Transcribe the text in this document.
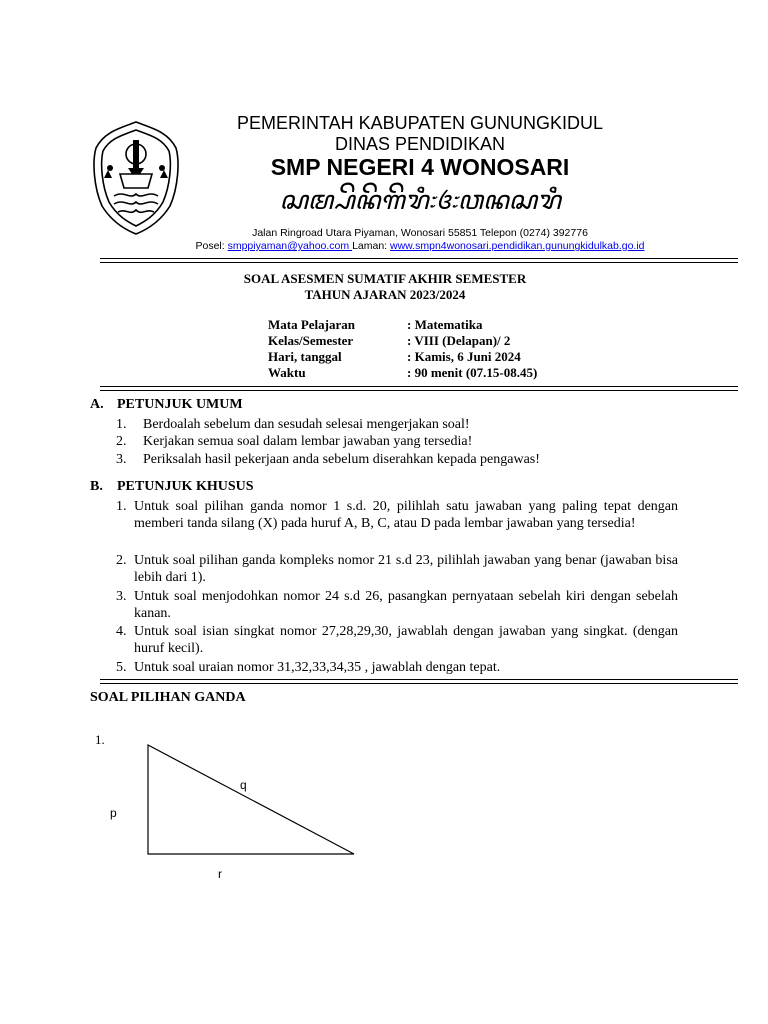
PEMERINTAH KABUPATEN GUNUNGKIDUL
DINAS PENDIDIKAN
SMP NEGERI 4 WONOSARI
ꦱꦩ꧀ꦥꦼꦤꦼꦒꦼꦫꦶ꧇꧔꧇ꦮꦤꦱꦫꦶ
Jalan Ringroad Utara Piyaman, Wonosari 55851 Telepon (0274) 392776
Posel: smppiyaman@yahoo.com Laman: www.smpn4wonosari.pendidikan.gunungkidulkab.go.id
SOAL ASESMEN SUMATIF AKHIR SEMESTER
TAHUN AJARAN 2023/2024
Mata Pelajaran	: Matematika
Kelas/Semester	: VIII (Delapan)/ 2
Hari, tanggal	: Kamis, 6 Juni 2024
Waktu	: 90 menit (07.15-08.45)
A. PETUNJUK UMUM
1. Berdoalah sebelum dan sesudah selesai mengerjakan soal!
2. Kerjakan semua soal dalam lembar jawaban yang tersedia!
3. Periksalah hasil pekerjaan anda sebelum diserahkan kepada pengawas!
B. PETUNJUK KHUSUS
1. Untuk soal pilihan ganda nomor 1 s.d. 20, pilihlah satu jawaban yang paling tepat dengan memberi tanda silang (X) pada huruf A, B, C, atau D pada lembar jawaban yang tersedia!
2. Untuk soal pilihan ganda kompleks nomor 21 s.d 23, pilihlah jawaban yang benar (jawaban bisa lebih dari 1).
3. Untuk soal menjodohkan nomor 24 s.d 26, pasangkan pernyataan sebelah kiri dengan sebelah kanan.
4. Untuk soal isian singkat nomor 27,28,29,30, jawablah dengan jawaban yang singkat. (dengan huruf kecil).
5. Untuk soal uraian nomor 31,32,33,34,35 , jawablah dengan tepat.
SOAL PILIHAN GANDA
1.
p
q
r
